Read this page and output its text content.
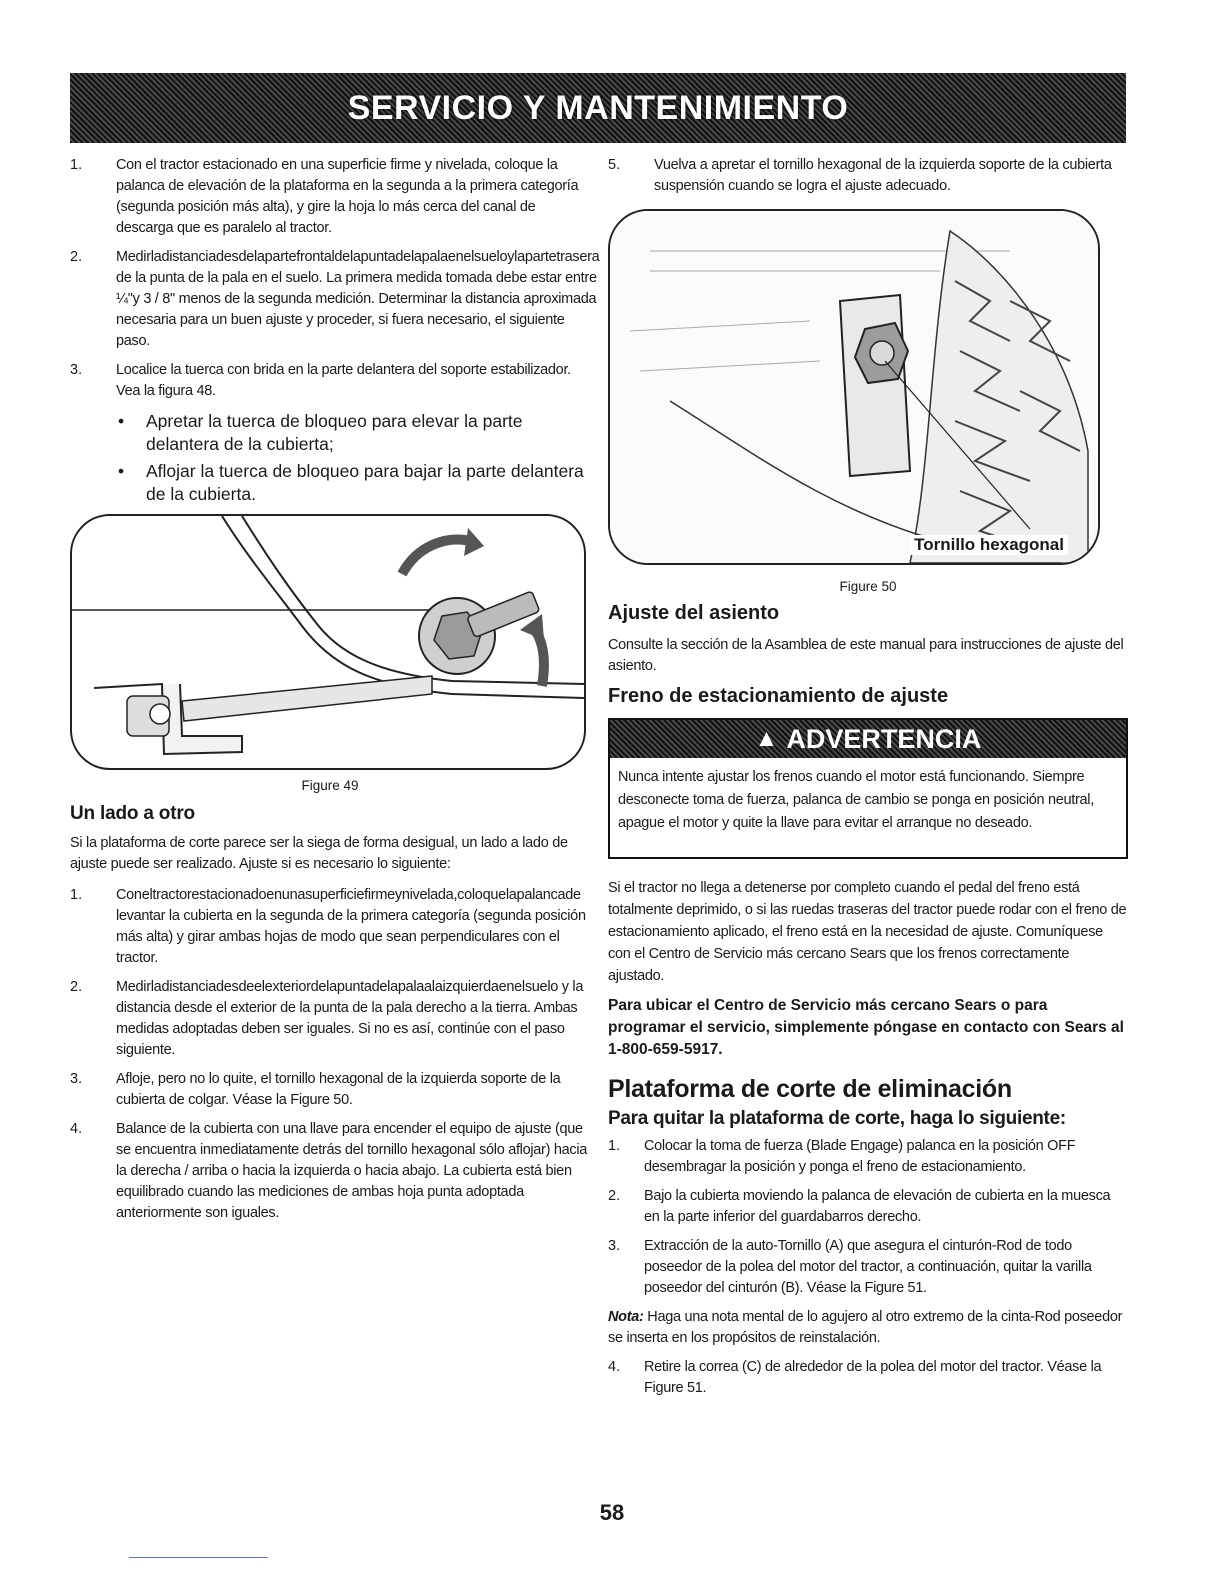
SERVICIO Y MANTENIMIENTO
1.	Con el tractor estacionado en una superficie firme y nivelada, coloque la palanca de elevación de la plataforma en la segunda a la primera categoría (segunda posición más alta), y gire la hoja lo más cerca del canal de descarga que es paralelo al tractor.
2.	Medirladistanciadesdelapartefrontaldelapuntadelapalaenelsueloylapartetrasera de la punta de la pala en el suelo. La primera medida tomada debe estar entre ¼"y 3 / 8" menos de la segunda medición. Determinar la distancia aproximada necesaria para un buen ajuste y proceder, si fuera necesario, el siguiente paso.
3.	Localice la tuerca con brida en la parte delantera del soporte estabilizador. Vea la figura 48.
•	Apretar la tuerca de bloqueo para elevar la parte delantera de la cubierta;
•	Aflojar la tuerca de bloqueo para bajar la parte delantera de la cubierta.

Figure 49

Un lado a otro

Si la plataforma de corte parece ser la siega de forma desigual, un lado a lado de ajuste puede ser realizado. Ajuste si es necesario lo siguiente:

1.	Coneltractorestacionadoenunasuperficiefirmeynivelada,coloquelapalancade levantar la cubierta en la segunda de la primera categoría (segunda posición más alta) y girar ambas hojas de modo que sean perpendiculares con el tractor.
2.	Medirladistanciadesdeelexteriordelapuntadelapalaalaizquierdaenelsuelo y la distancia desde el exterior de la punta de la pala derecho a la tierra. Ambas medidas adoptadas deben ser iguales. Si no es así, continúe con el paso siguiente.
3.	Afloje, pero no lo quite, el tornillo hexagonal de la izquierda soporte de la cubierta de colgar. Véase la Figure 50.
4.	Balance de la cubierta con una llave para encender el equipo de ajuste (que se encuentra inmediatamente detrás del tornillo hexagonal sólo aflojar) hacia la derecha / arriba o hacia la izquierda o hacia abajo. La cubierta está bien equilibrado cuando las mediciones de ambas hoja punta adoptada anteriormente son iguales.
5.	Vuelva a apretar el tornillo hexagonal de la izquierda soporte de la cubierta suspensión cuando se logra el ajuste adecuado.
Tornillo hexagonal

Figure 50

Ajuste del asiento

Consulte la sección de la Asamblea de este manual para instrucciones de ajuste del asiento.

Freno de estacionamiento de ajuste
▲ ADVERTENCIA
Nunca intente ajustar los frenos cuando el motor está funcionando. Siempre desconecte toma de fuerza, palanca de cambio se ponga en posición neutral, apague el motor y quite la llave para evitar el arranque no deseado.

Si el tractor no llega a detenerse por completo cuando el pedal del freno está totalmente deprimido, o si las ruedas traseras del tractor puede rodar con el freno de estacionamiento aplicado, el freno está en la necesidad de ajuste. Comuníquese con el Centro de Servicio más cercano Sears que los frenos correctamente ajustado.

Para ubicar el Centro de Servicio más cercano Sears o para programar el servicio, simplemente póngase en contacto con Sears al 1-800-659-5917.

Plataforma de corte de eliminación
Para quitar la plataforma de corte, haga lo siguiente:
1.	Colocar la toma de fuerza (Blade Engage) palanca en la posición OFF desembragar la posición y ponga el freno de estacionamiento.
2.	Bajo la cubierta moviendo la palanca de elevación de cubierta en la muesca en la parte inferior del guardabarros derecho.
3.	Extracción de la auto-Tornillo (A) que asegura el cinturón-Rod de todo poseedor de la polea del motor del tractor, a continuación, quitar la varilla poseedor del cinturón (B). Véase la Figure 51.

Nota: Haga una nota mental de lo agujero al otro extremo de la cinta-Rod poseedor se inserta en los propósitos de reinstalación.

4.	Retire la correa (C) de alrededor de la polea del motor del tractor. Véase la Figure 51.
58
